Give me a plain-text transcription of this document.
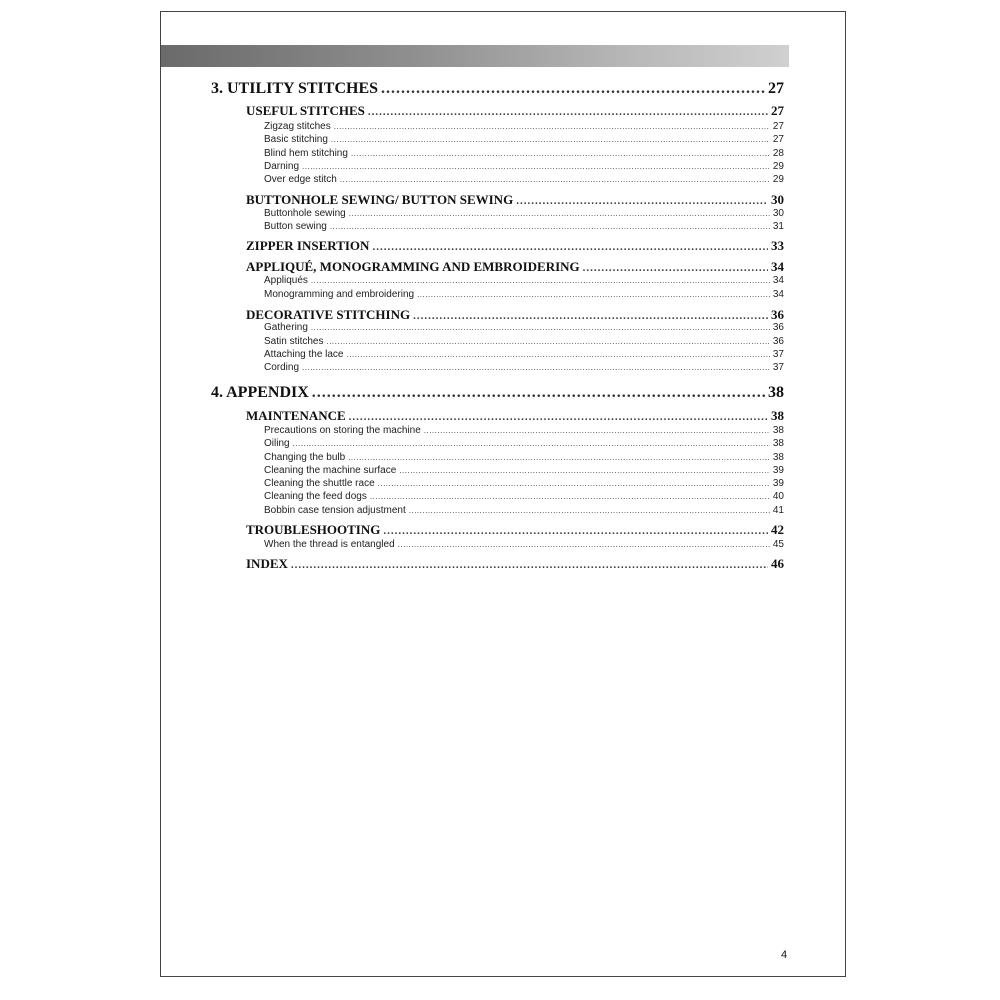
3. UTILITY STITCHES .....	27
USEFUL STITCHES .....	27
Zigzag stitches .....	27
Basic stitching .....	27
Blind hem stitching .....	28
Darning .....	29
Over edge stitch .....	29
BUTTONHOLE SEWING/ BUTTON SEWING .....	30
Buttonhole sewing .....	30
Button sewing .....	31
ZIPPER INSERTION .....	33
APPLIQUÉ, MONOGRAMMING AND EMBROIDERING .....	34
Appliqués .....	34
Monogramming and embroidering .....	34
DECORATIVE STITCHING .....	36
Gathering .....	36
Satin stitches .....	36
Attaching the lace .....	37
Cording .....	37
4. APPENDIX .....	38
MAINTENANCE .....	38
Precautions on storing the machine .....	38
Oiling .....	38
Changing the bulb .....	38
Cleaning the machine surface .....	39
Cleaning the shuttle race .....	39
Cleaning the feed dogs .....	40
Bobbin case tension adjustment .....	41
TROUBLESHOOTING .....	42
When the thread is entangled .....	45
INDEX .....	46
4
